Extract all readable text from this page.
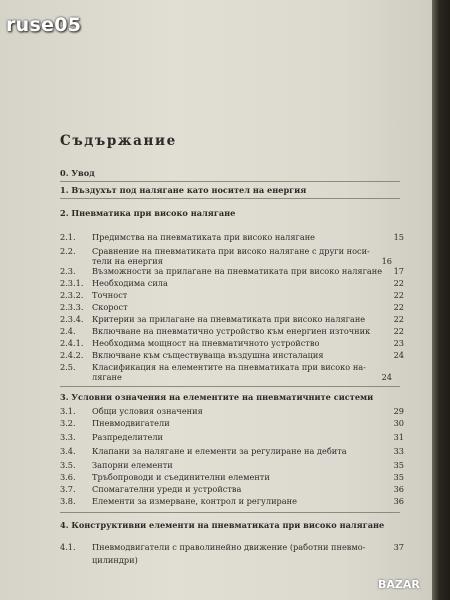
ruse05
Съдържание
0. Увод
1. Въздухът под налягане като носител на енергия
2. Пневматика при високо налягане
2.1. Предимства на пневматиката при високо налягане	15
2.2. Сравнение на пневматиката при високо налягане с други носи-
тели на енергия	16
2.3. Възможности за прилагане на пневматиката при високо налягане 17
2.3.1. Необходима сила	22
2.3.2. Точност	22
2.3.3. Скорост	22
2.3.4. Критерии за прилагане на пневматиката при високо налягане	22
2.4. Включване на пневматично устройство към енергиен източник	22
2.4.1. Необходима мощност на пневматичното устройство	23
2.4.2. Включване към съществуваща въздушна инсталация	24
2.5. Класификация на елементите на пневматиката при високо на-
лягане	24
3. Условни означения на елементите на пневматичните системи
3.1. Общи условия означения	29
3.2. Пневмодвигатели	30
3.3. Разпределители	31
3.4. Клапани за налягане и елементи за регулиране на дебита	33
3.5. Запорни елементи	35
3.6. Тръбопроводи и съединителни елементи	35
3.7. Спомагателни уреди и устройства	36
3.8. Елементи за измерване, контрол и регулиране	36
4. Конструктивни елементи на пневматиката при високо налягане
4.1. Пневмодвигатели с праволинейно движение (работни пневмо-	37
цилиндри)
BAZAR
